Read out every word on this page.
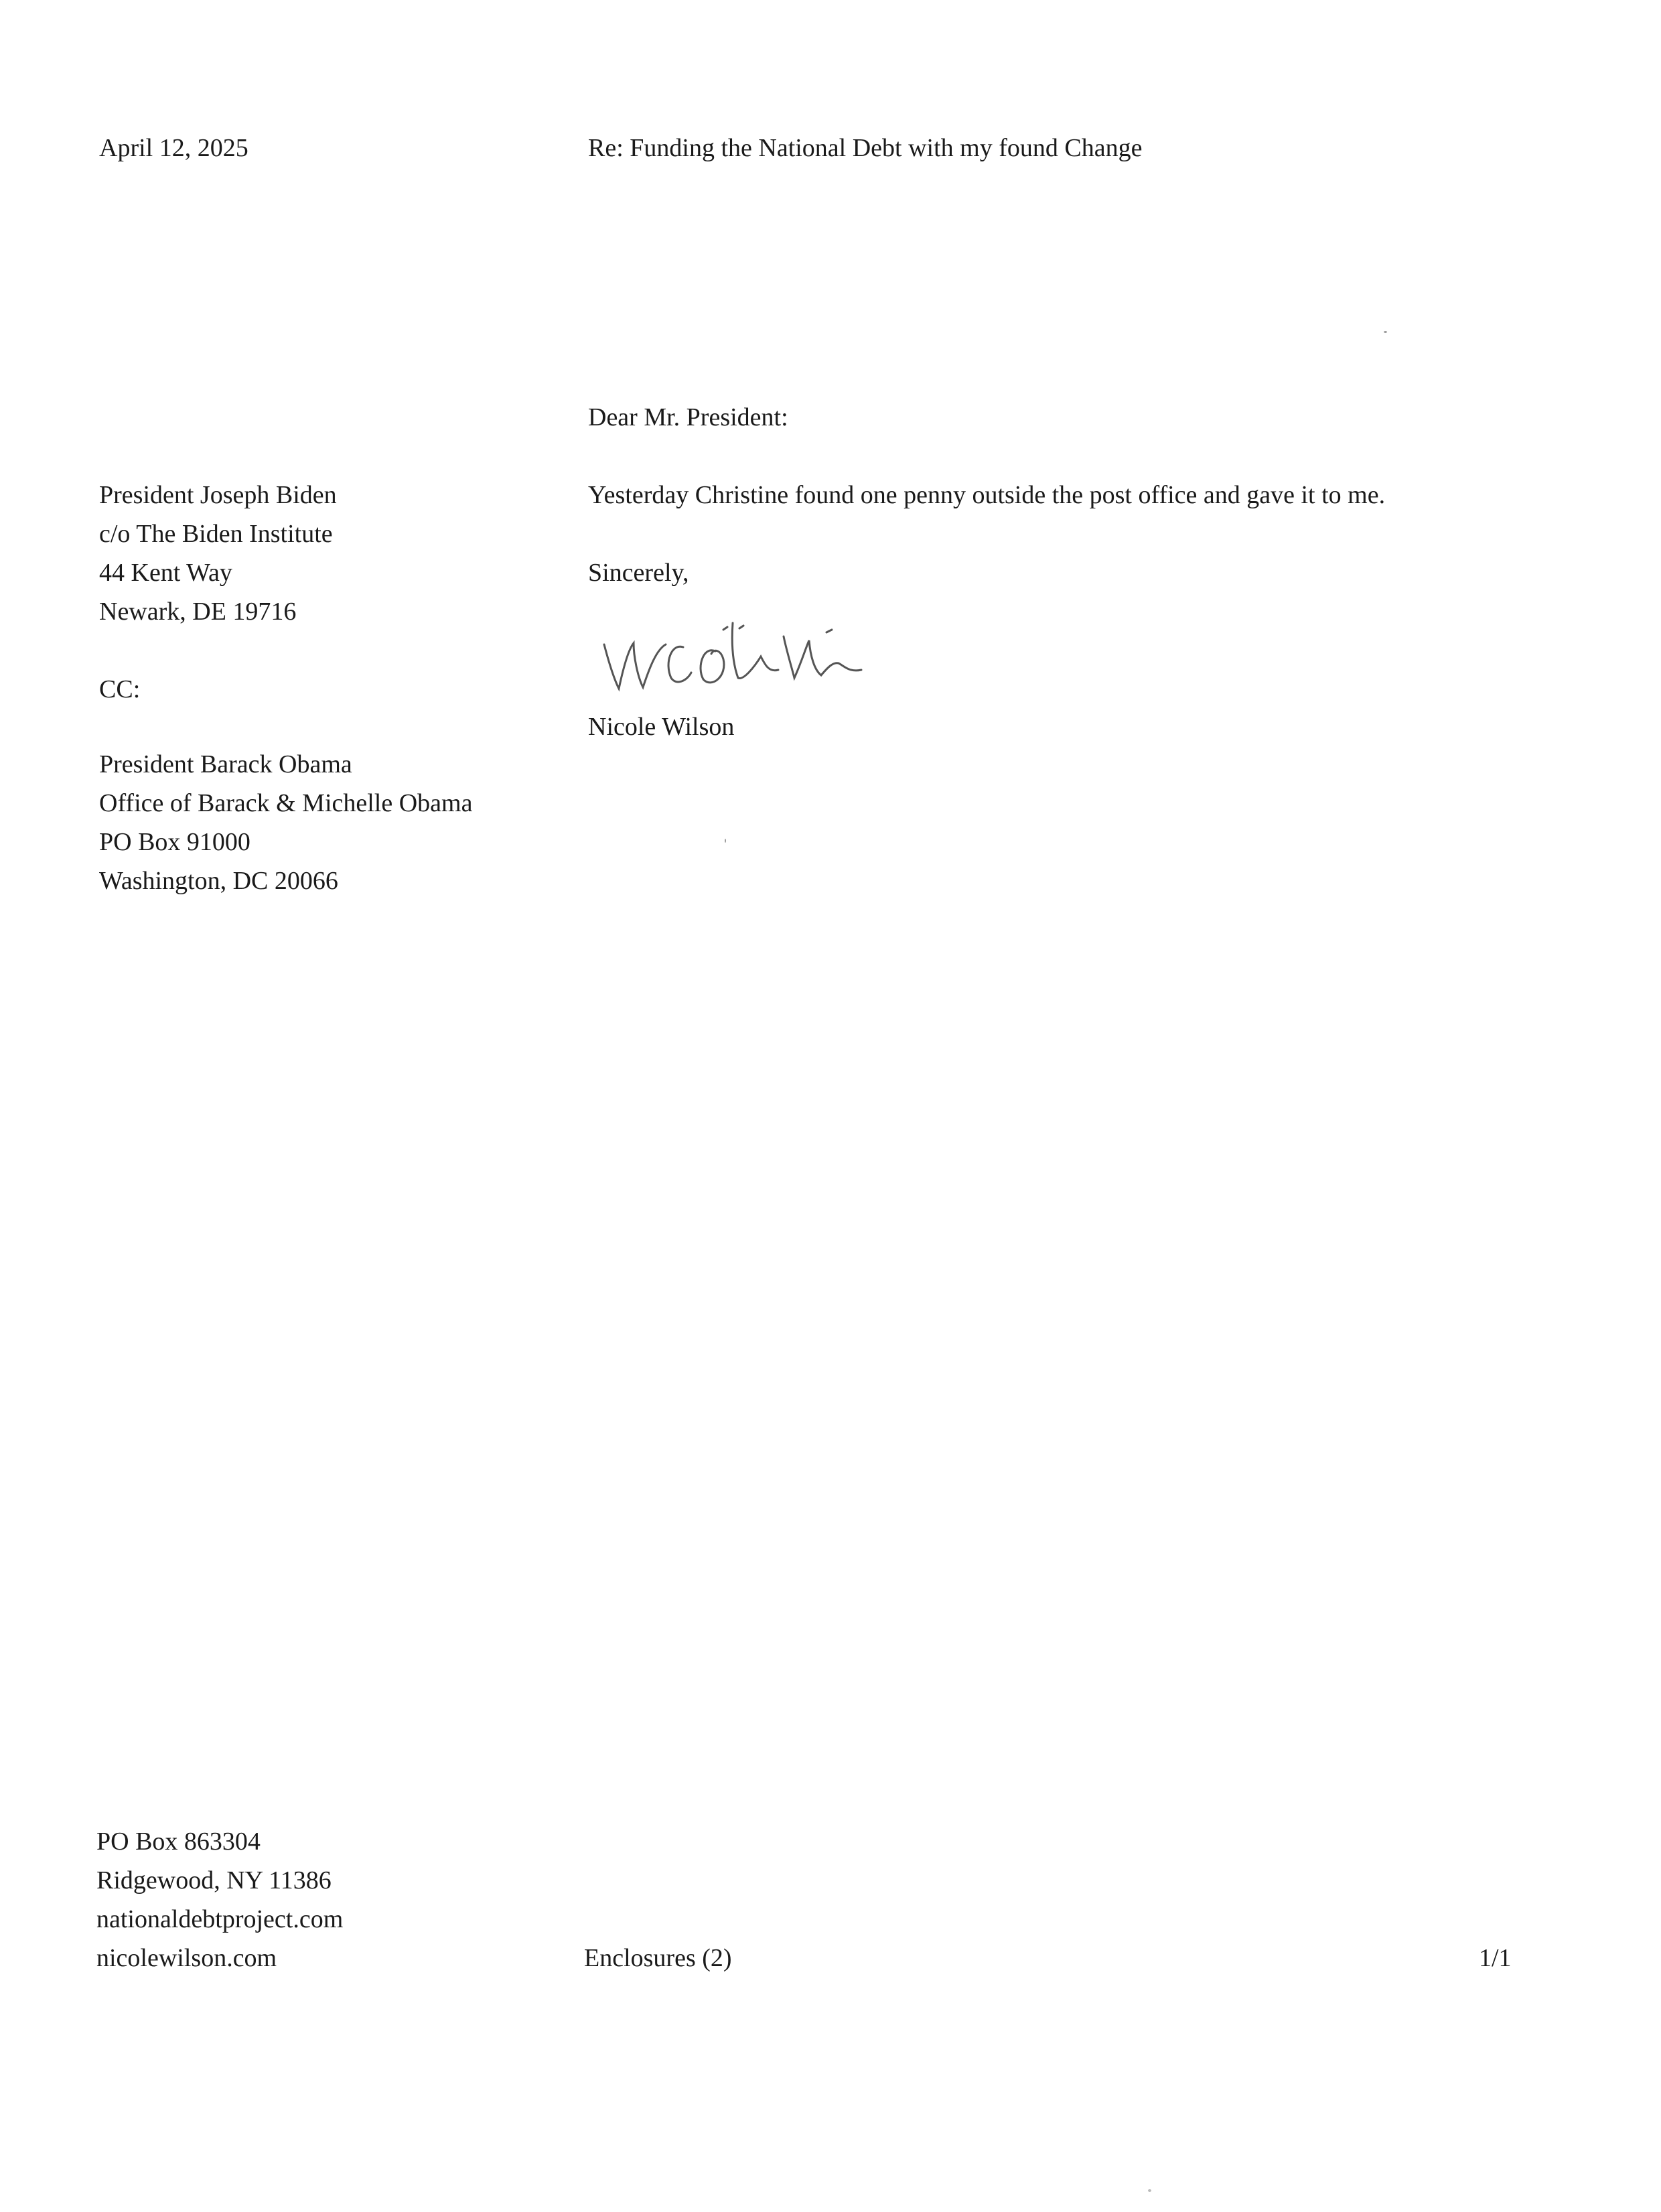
April 12, 2025	Re: Funding the National Debt with my found Change
Dear Mr. President:
Yesterday Christine found one penny outside the post office and gave it to me.
Sincerely,
Nicole Wilson
President Joseph Biden
c/o The Biden Institute
44 Kent Way
Newark, DE 19716
CC:
President Barack Obama
Office of Barack & Michelle Obama
PO Box 91000
Washington, DC 20066
PO Box 863304
Ridgewood, NY 11386
nationaldebtproject.com
nicolewilson.com	Enclosures (2)	1/1
